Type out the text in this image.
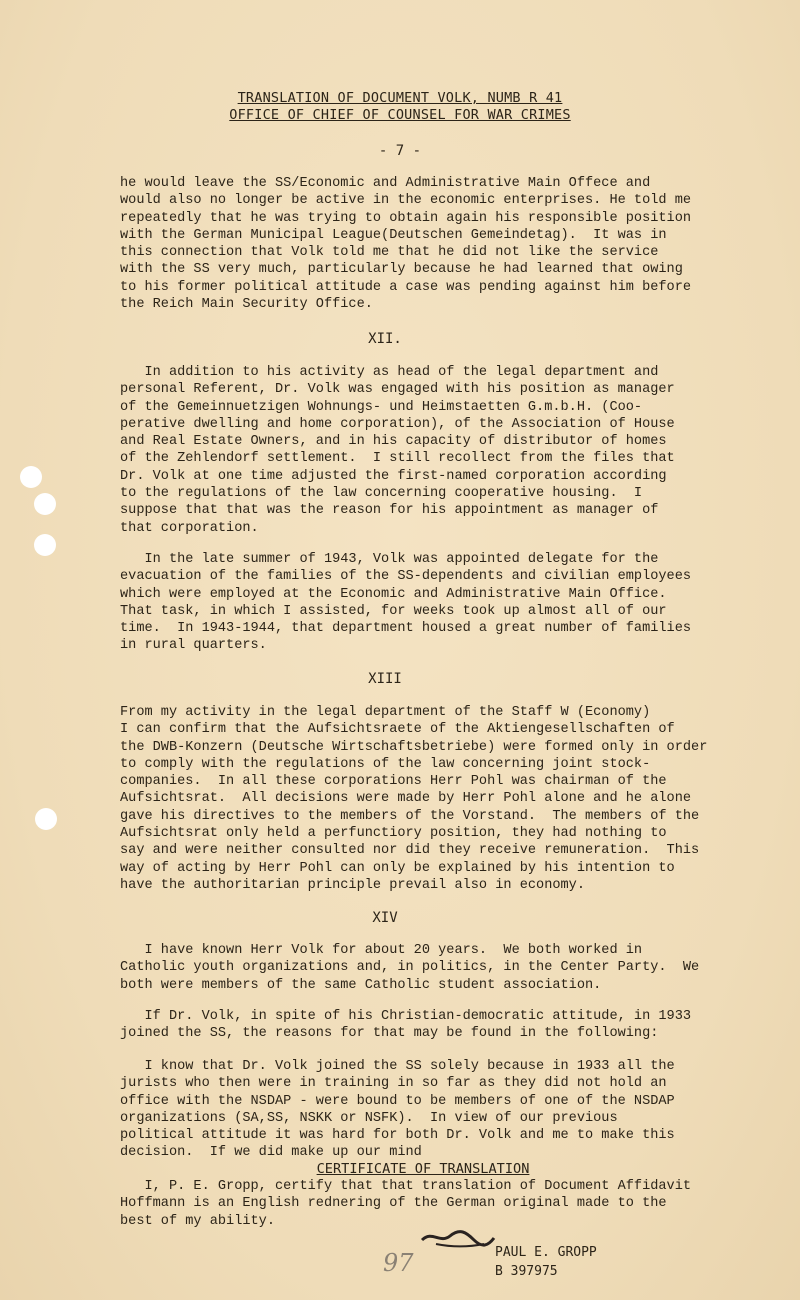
TRANSLATION OF DOCUMENT VOLK, NUMB R 41
OFFICE OF CHIEF OF COUNSEL FOR WAR CRIMES
- 7 -
he would leave the SS/Economic and Administrative Main Offece and
would also no longer be active in the economic enterprises. He told me
repeatedly that he was trying to obtain again his responsible position
with the German Municipal League(Deutschen Gemeindetag).  It was in
this connection that Volk told me that he did not like the service
with the SS very much, particularly because he had learned that owing
to his former political attitude a case was pending against him before
the Reich Main Security Office.
XII.
In addition to his activity as head of the legal department and
personal Referent, Dr. Volk was engaged with his position as manager
of the Gemeinnuetzigen Wohnungs- und Heimstaetten G.m.b.H. (Coo-
perative dwelling and home corporation), of the Association of House
and Real Estate Owners, and in his capacity of distributor of homes
of the Zehlendorf settlement.  I still recollect from the files that
Dr. Volk at one time adjusted the first-named corporation according
to the regulations of the law concerning cooperative housing.  I
suppose that that was the reason for his appointment as manager of
that corporation.
In the late summer of 1943, Volk was appointed delegate for the
evacuation of the families of the SS-dependents and civilian employees
which were employed at the Economic and Administrative Main Office.
That task, in which I assisted, for weeks took up almost all of our
time.  In 1943-1944, that department housed a great number of families
in rural quarters.
XIII
From my activity in the legal department of the Staff W (Economy)
I can confirm that the Aufsichtsraete of the Aktiengesellschaften of
the DWB-Konzern (Deutsche Wirtschaftsbetriebe) were formed only in order
to comply with the regulations of the law concerning joint stock-
companies.  In all these corporations Herr Pohl was chairman of the
Aufsichtsrat.  All decisions were made by Herr Pohl alone and he alone
gave his directives to the members of the Vorstand.  The members of the
Aufsichtsrat only held a perfunctiory position, they had nothing to
say and were neither consulted nor did they receive remuneration.  This
way of acting by Herr Pohl can only be explained by his intention to
have the authoritarian principle prevail also in economy.
XIV
I have known Herr Volk for about 20 years.  We both worked in
Catholic youth organizations and, in politics, in the Center Party.  We
both were members of the same Catholic student association.
If Dr. Volk, in spite of his Christian-democratic attitude, in 1933
joined the SS, the reasons for that may be found in the following:
I know that Dr. Volk joined the SS solely because in 1933 all the
jurists who then were in training in so far as they did not hold an
office with the NSDAP - were bound to be members of one of the NSDAP
organizations (SA,SS, NSKK or NSFK).  In view of our previous
political attitude it was hard for both Dr. Volk and me to make this
decision.  If we did make up our mind
CERTIFICATE OF TRANSLATION
I, P. E. Gropp, certify that that translation of Document Affidavit
Hoffmann is an English rednering of the German original made to the
best of my ability.
PAUL E. GROPP
B 397975
97
